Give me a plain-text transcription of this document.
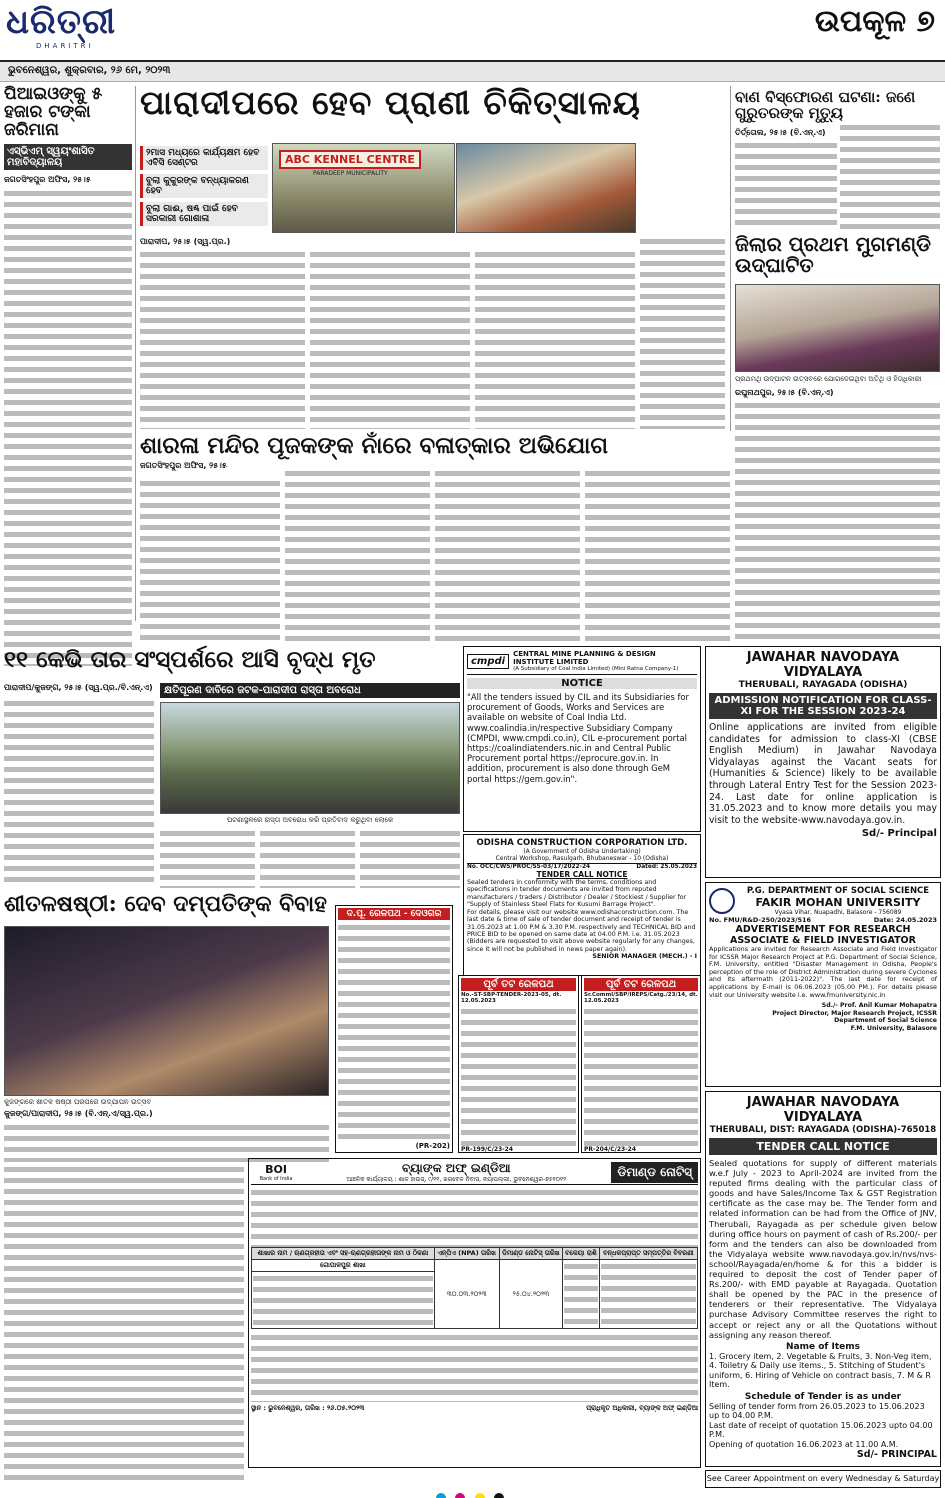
ଧରିତ୍ରୀ
DHARITRI
ଉପକୂଳ ୭
ଭୁବନେଶ୍ୱର, ଶୁକ୍ରବାର, ୨୬ ମେ, ୨୦୨୩
ପିଆଇଓଙ୍କୁ ୫ ହଜାର ଟଙ୍କା ଜରିମାନା
ଏସ୍‌ଭିଏମ୍ ସ୍ୱୟଂଶାସିତ ମହାବିଦ୍ୟାଳୟ
ଜଗତସିଂହପୁର ଅଫିସ, ୨୫।୫
ପାରାଦୀପରେ ହେବ ପ୍ରାଣୀ ଚିକିତ୍ସାଳୟ
୨ମାସ ମଧ୍ୟରେ କାର୍ଯ୍ୟକ୍ଷମ ହେବ ଏବିସି ସେଣ୍ଟର
ବୁଲା କୁକୁରଙ୍କ ବନ୍ଧ୍ୟାକରଣ ହେବ
ବୁଲା ଗାଈ, ଷଣ୍ଢ ପାଇଁ ହେବ ସରକାରୀ ଗୋଶାଳା
ABC KENNEL CENTRE
PARADEEP MUNICIPALITY
ପାରାଦୀପ, ୨୫।୫ (ସ୍ୱ.ପ୍ର.)
ବାଣ ବିସ୍ଫୋରଣ ଘଟଣା: ଜଣେ ଗୁରୁତରଙ୍କ ମୃତ୍ୟୁ
ତିର୍ତ୍ତୋଲ, ୨୫।୫ (ବି.ଏନ୍.ଏ)
ଜିଲାର ପ୍ରଥମ ମୁଗମଣ୍ଡି ଉଦ୍‌ଘାଟିତ
ପ୍ରଥମଥି ଉଦ୍‌ଘାଟନ ଉତ୍ସବରେ ଯୋଗଦେଇଥିବା ଅତିଥି ଓ ହିତାଧିକାରୀ
ରଘୁନାଥପୁର, ୨୫।୫ (ବି.ଏନ୍.ଏ)
ଶାରଳା ମନ୍ଦିର ପୂଜକଙ୍କ ନାଁରେ ବଳାତ୍କାର ଅଭିଯୋଗ
ଜଗତସିଂହପୁର ଅଫିସ, ୨୫।୫
୧୧ କେଭି ତାର ସଂସ୍ପର୍ଶରେ ଆସି ବୃଦ୍ଧ ମୃତ
ପାରାଦୀପ/କୁଜଙ୍ଗ, ୨୫।୫ (ସ୍ୱ.ପ୍ର./ବି.ଏନ୍.ଏ)	କ୍ଷତିପୂରଣ ଦାବିରେ ଜଟକ-ପାରାଦୀପ ରାସ୍ତା ଅବରୋଧ
ଘଟଣାସ୍ଥଳରେ ରାସ୍ତା ଅବରୋଧ କରି ପ୍ରତିବାଦ କରୁଥିବା ଲୋକେ
ଶୀତଳଷଷ୍ଠୀ: ଦେବ ଦମ୍ପତିଙ୍କ ବିବାହ
କୁଜଙ୍ଗରେ ଶୀତଳ ଷଷ୍ଠୀ ପରପରେ ଉଦ୍‌ଯାପନ ଉତ୍ସବ
କୁଜଙ୍ଗ/ପାରାଦୀପ, ୨୫।୫ (ବି.ଏନ୍.ଏ/ସ୍ୱ.ପ୍ର.)
cmpdi
CENTRAL MINE PLANNING & DESIGN INSTITUTE LIMITED
(A Subsidiary of Coal India Limited) (Mini Ratna Company-1)
NOTICE
"All the tenders issued by CIL and its Subsidiaries for procurement of Goods, Works and Services are available on website of Coal India Ltd. www.coalindia.in/respective Subsidiary Company (CMPDI, www.cmpdi.co.in), CIL e-procurement portal https://coalindiatenders.nic.in and Central Public Procurement portal https://eprocure.gov.in. In addition, procurement is also done through GeM portal https://gem.gov.in".
ODISHA CONSTRUCTION CORPORATION LTD.
(A Government of Odisha Undertaking)
Central Workshop, Rasulgarh, Bhubaneswar - 10 (Odisha)
No. OCC/CWS/PROC/SS-03/17/2022-24	Dated: 25.05.2023
TENDER CALL NOTICE
Sealed tenders in conformity with the terms, conditions and specifications in tender documents are invited from reputed manufacturers / traders / Distributor / Dealer / Stockiest / Supplier for "Supply of Stainless Steel Flats for Kusumi Barrage Project".
For details, please visit our website www.odishaconstruction.com. The last date & time of sale of tender document and receipt of tender is 31.05.2023 at 1.00 P.M & 3.30 P.M. respectively and TECHNICAL BID and PRICE BID to be opened on same date at 04.00 P.M. i.e. 31.05.2023 (Bidders are requested to visit above website regularly for any changes, since it will not be published in news paper again).
SENIOR MANAGER (MECH.) - I
ଦ.ପୂ. ରେଳପଥ - ଦେଓଗର
(PR-202)
ପୂର୍ବ ତଟ ରେଳପଥ
No.-ST-SBP-TENDER-2023-05, dt. 12.05.2023
PR-199/C/23-24
ପୂର୍ବ ତଟ ରେଳପଥ
Sr.Comml/SBP/IREPS/Catg./23/14, dt. 12.05.2023
PR-204/C/23-24
JAWAHAR NAVODAYA VIDYALAYA
THERUBALI, RAYAGADA (ODISHA)
ADMISSION NOTIFICATION FOR CLASS-XI FOR THE SESSION 2023-24
Online applications are invited from eligible candidates for admission to class-XI (CBSE English Medium) in Jawahar Navodaya Vidyalayas against the Vacant seats for (Humanities & Science) likely to be available through Lateral Entry Test for the Session 2023-24. Last date for online application is 31.05.2023 and to know more details you may visit to the website-www.navodaya.gov.in.
Sd/- Principal
P.G. DEPARTMENT OF SOCIAL SCIENCE
FAKIR MOHAN UNIVERSITY
Vyasa Vihar, Nuapadhi, Balasore - 756089
No. FMU/R&D-250/2023/516	Date: 24.05.2023
ADVERTISEMENT FOR RESEARCH ASSOCIATE & FIELD INVESTIGATOR
Applications are invited for Research Associate and Field Investigator for ICSSR Major Research Project at P.G. Department of Social Science, F.M. University, entitled "Disaster Management in Odisha, People's perception of the role of District Administration during severe Cyclones and its aftermath (2011-2022)". The last date for receipt of applications by E-mail is 06.06.2023 (05.00 PM.). For details please visit our University website i.e. www.fmuniversity.nic.in
Sd./- Prof. Anil Kumar Mohapatra
Project Director, Major Research Project, ICSSR
Department of Social Science
F.M. University, Balasore
JAWAHAR NAVODAYA VIDYALAYA
THERUBALI, DIST: RAYAGADA (ODISHA)-765018
TENDER CALL NOTICE
Sealed quotations for supply of different materials w.e.f July - 2023 to April-2024 are invited from the reputed firms dealing with the particular class of goods and have Sales/Income Tax & GST Registration certificate as the case may be. The Tender form and related information can be had from the Office of JNV, Therubali, Rayagada as per schedule given below during office hours on payment of cash of Rs.200/- per form and the tenders can also be downloaded from the Vidyalaya website www.navodaya.gov.in/nvs/nvs-school/Rayagada/en/home & for this a bidder is required to deposit the cost of Tender paper of Rs.200/- with EMD payable at Rayagada. Quotation shall be opened by the PAC in the presence of tenderers or their representative. The Vidyalaya purchase Advisory Committee reserves the right to accept or reject any or all the Quotations without assigning any reason thereof.
Name of Items
1. Grocery item, 2. Vegetable & Fruits, 3. Non-Veg item, 4. Toiletry & Daily use items., 5. Stitching of Student's uniform, 6. Hiring of Vehicle on contract basis, 7. M & R Item.
Schedule of Tender is as under
Selling of tender form from 26.05.2023 to 15.06.2023 up to 04.00 P.M.
Last date of receipt of quotation 15.06.2023 upto 04.00 P.M.
Opening of quotation 16.06.2023 at 11.00 A.M.
Sd/- PRINCIPAL
BOI
Bank of India
ବ୍ୟାଙ୍କ ଅଫ୍ ଇଣ୍ଡିଆ
ଆଞ୍ଚଳିକ କାର୍ଯ୍ୟାଳୟ : ଶାଳ ହାଉସ୍, ୯/୧୧, ଖରବେଳ ନିବାସ, ନୟାପଲ୍ଲୀ, ଭୁବନେଶ୍ୱର-୭୫୧୦୧୨
ଡିମାଣ୍ଡ ନୋଟିସ୍
ଶାଖାର ନାମ / ଋଣଗ୍ରହୀତା ଏବଂ ସହ-ଋଣଗ୍ରହୀତାଙ୍କ ନାମ ଓ ଠିକଣା	ଏନ୍‌ପିଏ (NPA) ତାରିଖ	ଡିମାଣ୍ଡ ନୋଟିସ୍ ତାରିଖ	ବକେୟା ରାଶି	ବନ୍ଧକପ୍ରାପ୍ତ ସମ୍ପତ୍ତିର ବିବରଣୀ
ଗୋପାଳପୁର ଶାଖା	୩୦.୦୩.୨୦୨୩	୨୫.୦୪.୨୦୨୩	

ସ୍ଥାନ : ଭୁବନେଶ୍ୱର, ତାରିଖ : ୨୬.୦୫.୨୦୨୩	ପ୍ରାଧିକୃତ ଅଧିକାରୀ, ବ୍ୟାଙ୍କ ଅଫ୍ ଇଣ୍ଡିଆ
See Career Appointment on every Wednesday & Saturday
